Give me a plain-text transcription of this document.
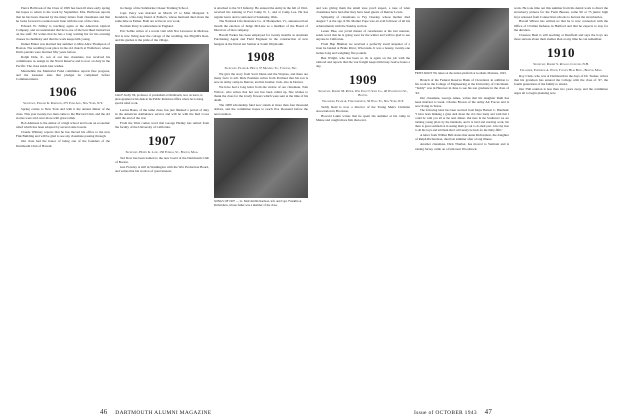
Pierce Holbrook of the Class of 1905 has been ill since early spring but hopes to return to his work by September. Mrs. Holbrook reports that he has been cheered by the many letters from classmates and that he looks forward to reunion next June with the rest of the class.

Edward W. Nibley is teaching again at the American Optical Company, and we understand that he is one of the best liked instructors on the staff. Ed writes that he has a long waiting list for his evening classes in chemistry and that the work keeps him young.

Daniel Fisher was married last summer to Miss Alice Thompson of Boston. The wedding took place in the old church at Wolfeboro where Dan's parents were married fifty years before.

Rolph Dale, Jr., son of our late classmate, has received his commission as ensign in the Naval Reserve and is now on duty in the Pacific. The class sends best wishes.

Meanwhile the Memorial Fund committee reports fine progress, and the treasurer asks that pledges be completed before Commencement.

1906
Secretary, Edward K. Robinson, 275 Park Ave., New York, N.Y.

Spring comes to New York and with it the annual dinner of the class. This year twenty-two men came to the Harvard Club, and the old stories were told once more with great relish.

Bob Atkinson is the author of a high school text book on economic relief which has been adopted by several state boards.

Claude Whitney reports that he has moved his office to the new Fisk Building and will be glad to see any classmate passing through.

Our class had the honor of being one of the founders of the Dartmouth Club of Hawaii.

in charge of the Submarine Chaser Training School.

Capt. Perry was married on March 27 to Miss Margaret T. Kendrick, a life-long friend of Esther's, whose husband died about the same time as Esther. Both are active in war work.

Norman Perry is somewhere in England.

Eric Seible writes of a recent visit with Nat Lawrence in Melrose. Nat is now living near the cottage of the wedding, the Pilgrim's Rest, and his garden is the pride of the village.

John F. Kelly '06, professor of journalism at Dartmouth, now on leave, is photographed at his desk in the Public Relations Office where he is doing special relief work.

Lucius Bates, of the same class, has just finished a period of duty in the American Ambulance service and will be with the Red Cross until the end of the war.

From the West comes word that George Hadley has retired from the faculty of the University of California.

1907
Secretary, Henry K. Lane, 150 Federal St., Boston, Mass.

Ted Dow has been named to the new board of the Dartmouth Club of Boston.

Gus Frawley is still in Washington with the War Production Board, and writes that his work is of great interest.

is attached to the 513 Infantry. He entered the Army in the fall of 1941, received his training at Fort Camp N. J., and at Camp Lee. He has regular leave and is stationed at Sandusky, Ohio.

The National Life Insurance Co. of Montpelier, Vt., announced last month the election of Judge McLane as a member of the Board of Directors of that company.

Harold Parker has been employed for twenty months as Assistant Purchasing Agent and Field Engineer in the construction of new hangars at the Naval Air Station at South Weymouth.

1908
Secretary, Frank A. Hinch, 57 Mandell St., Tonopah, Nev.

We give the story from Scott Dunn and the Waynes, and there are many facts to tell. Dick Eastman writes from Portland that his son is now in Army camp in Denver, and his brother, Jack, also in Denver.

We have had a long letter from the widow of our classmate, Tom Wilcox, who writes that her son has been called up. She wishes to thank the class for the lovely flowers which were sent at the time of his death.

The 1908 scholarship fund now stands at more than four thousand dollars, and the committee hopes to reach five thousand before the next reunion.

SONGS OF 1907 — Lt. Malcolm Richardson, left, and Capt. Franklin A. Richardson, whose father was a member of the class.
46 DARTMOUTH ALUMNI MAGAZINE

and was giving them the small tone you'd expect, a tone of what classmates have had after they have been guests of Denver Lewis.

Sympathy of classmates to Fay Chesley, whose mother died August 7 at the age of 96. Mother Pope was an avid follower of all his achievements with the Sunday section.

Lester Pike, our jovial master of ceremonies at the last reunion, sends word that he is going west for the winter and will be glad to see anyone in California.

From Hap Hinman we received a perfectly swell snapshot of a trout he landed at Brule River, Wisconsin. It was a beauty, twenty-one inches long and weighing five pounds.

Ben Wright, who has been so ill, is again on the job with the railroad and reports that the war freight keeps him busy twelve hours a day.

1909
Secretary, Robert M. Ryder, Wm. Elliot's Sons Co., 40 Washington St., Boston.
Treasurer, Frank A. Throckmorton, 50 Wall St., New York, N.Y.

Teddy Reid is now a director of the Young Men's Christian Association in Brockton.

Howard Lakin writes that he spent the summer at his camp in Maine and caught more fish than ever.

FRITZ ROOT '09, taken on the station platform at Gorham, Montana, 1943.

Branch of the Federal Reserve Bank of Cleveland, in addition to his work in the College of Engineering at the University of Cincinnati. "Teddy" was in Hanover in June to see his son graduate in the class of '43.

Our classmate, George Ames, writes that his daughter Ruth has been married to Lieut. Charles Brown of the Army Air Forces and is now living in Texas.

The following letter has been received from Major Herbert C. Burnham: "I have been thinking a great deal about the old class lately and wish that I could be with you all at the next dinner. Out here in the Southwest we are training young pilots by the hundreds, and it is hard and exacting work, but there is great satisfaction in seeing them go out to do their part. Give my best to all the boys and tell them that I will surely be back for the thirty-fifth."

A letter from Wilbur Bell states that Anne Richardson, the daughter of Ralph Richardson, died last summer after a long illness.

Another classmate, Dick Thurber, has moved to Vermont and is raising Jersey cattle on a farm near Woodstock.

work. He took time out this summer from his dental work to direct the strawberry pickers for the Farm Bureau, some 90 or 75 junior high boys released from Connecticut schools to harvest the strawberries.

Harold Wilson has written us that he is now connected with the Office of Civilian Defense in Hartford and that he expects to stay for the duration.

Clarence Bent is still teaching at Deerfield and says the boys are more serious about their studies than at any time he can remember.

1910
Secretary, Robert S. Ronald, Concord, N.H.
Treasurer, Frederick A. Wood, Toole's Head Bldg., Boston, Mass.

Roy Clark, who was at Dartmouth in the days of Dr. Tucker, writes that his grandson has entered the College with the class of '47, the fourth generation of the family to attend.

Our 35th reunion is less than two years away, and the committee urges all to begin planning now.

Issue of OCTOBER 1943 47
